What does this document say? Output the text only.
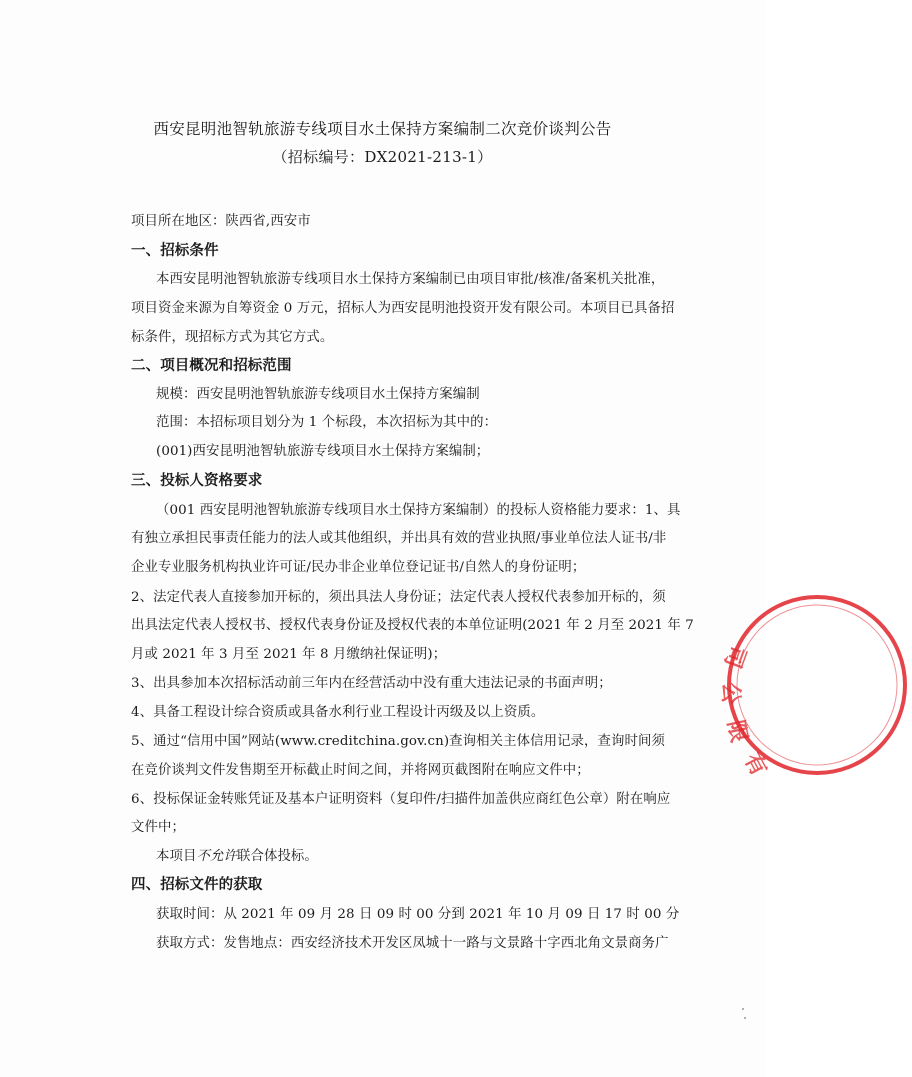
西安昆明池智轨旅游专线项目水土保持方案编制二次竞价谈判公告
（招标编号：DX2021-213-1）
项目所在地区：陕西省,西安市
一、招标条件
本西安昆明池智轨旅游专线项目水土保持方案编制已由项目审批/核准/备案机关批准，
项目资金来源为自筹资金 0 万元，招标人为西安昆明池投资开发有限公司。本项目已具备招
标条件，现招标方式为其它方式。
二、项目概况和招标范围
规模：西安昆明池智轨旅游专线项目水土保持方案编制
范围：本招标项目划分为 1 个标段，本次招标为其中的：
(001)西安昆明池智轨旅游专线项目水土保持方案编制；
三、投标人资格要求
（001 西安昆明池智轨旅游专线项目水土保持方案编制）的投标人资格能力要求：1、具
有独立承担民事责任能力的法人或其他组织，并出具有效的营业执照/事业单位法人证书/非
企业专业服务机构执业许可证/民办非企业单位登记证书/自然人的身份证明；
2、法定代表人直接参加开标的，须出具法人身份证；法定代表人授权代表参加开标的，须
出具法定代表人授权书、授权代表身份证及授权代表的本单位证明(2021 年 2 月至 2021 年 7
月或 2021 年 3 月至 2021 年 8 月缴纳社保证明)；
3、出具参加本次招标活动前三年内在经营活动中没有重大违法记录的书面声明；
4、具备工程设计综合资质或具备水利行业工程设计丙级及以上资质。
5、通过“信用中国”网站(www.creditchina.gov.cn)查询相关主体信用记录，查询时间须
在竞价谈判文件发售期至开标截止时间之间，并将网页截图附在响应文件中；
6、投标保证金转账凭证及基本户证明资料（复印件/扫描件加盖供应商红色公章）附在响应
文件中；
本项目不允许联合体投标。
四、招标文件的获取
获取时间：从 2021 年 09 月 28 日 09 时 00 分到 2021 年 10 月 09 日 17 时 00 分
获取方式：发售地点：西安经济技术开发区凤城十一路与文景路十字西北角文景商务广
有
限
公
司
